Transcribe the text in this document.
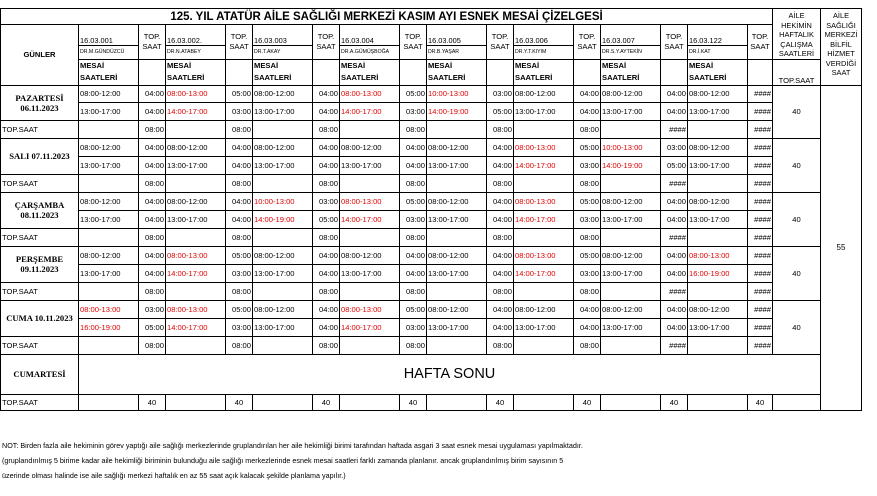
125. YIL ATATÜR AİLE SAĞLIĞI MERKEZİ KASIM AYI ESNEK MESAİ ÇİZELGESİ																	AİLE HEKİMİN HAFTALIK ÇALIŞMA SAATLERİ	AİLE SAĞLIĞI MERKEZİ BİLFİL HİZMET VERDİĞİ SAAT
GÜNLER	16.03.001	TOP. SAAT	16.03.002.	TOP. SAAT	16.03.003	TOP. SAAT	16.03.004	TOP. SAAT	16.03.005	TOP. SAAT	16.03.006	TOP. SAAT	16.03.007	TOP. SAAT	16.03.122	TOP. SAAT		
	DR.M.GÜNDÜZCÜ		DR.N.ATABEY		DR.T.AKAY		DR.A.GÜMÜŞBOĞA		DR.B.YAŞAR		DR.Y.T.KIYIM		DR.S.Y.AYTEKİN		DR.İ.KAT			
	MESAİ SAATLERİ		MESAİ SAATLERİ		MESAİ SAATLERİ		MESAİ SAATLERİ		MESAİ SAATLERİ		MESAİ SAATLERİ		MESAİ SAATLERİ		MESAİ SAATLERİ		TOP.SAAT	
PAZARTESİ 06.11.2023	08:00-12:00	04:00	08:00-13:00	05:00	08:00-12:00	04:00	08:00-13:00	05:00	10:00-13:00	03:00	08:00-12:00	04:00	08:00-12:00	04:00	08:00-12:00	####	40	55
	13:00-17:00	04:00	14:00-17:00	03:00	13:00-17:00	04:00	14:00-17:00	03:00	14:00-19:00	05:00	13:00-17:00	04:00	13:00-17:00	04:00	13:00-17:00	####		
TOP.SAAT		08:00		08:00		08:00		08:00		08:00		08:00		####		####		
SALI 07.11.2023	08:00-12:00	04:00	08:00-12:00	04:00	08:00-12:00	04:00	08:00-12:00	04:00	08:00-12:00	04:00	08:00-13:00	05:00	10:00-13:00	03:00	08:00-12:00	####	40	
	13:00-17:00	04:00	13:00-17:00	04:00	13:00-17:00	04:00	13:00-17:00	04:00	13:00-17:00	04:00	14:00-17:00	03:00	14:00-19:00	05:00	13:00-17:00	####		
TOP.SAAT		08:00		08:00		08:00		08:00		08:00		08:00		####		####		
ÇARŞAMBA 08.11.2023	08:00-12:00	04:00	08:00-12:00	04:00	10:00-13:00	03:00	08:00-13:00	05:00	08:00-12:00	04:00	08:00-13:00	05:00	08:00-12:00	04:00	08:00-12:00	####	40	
	13:00-17:00	04:00	13:00-17:00	04:00	14:00-19:00	05:00	14:00-17:00	03:00	13:00-17:00	04:00	14:00-17:00	03:00	13:00-17:00	04:00	13:00-17:00	####		
TOP.SAAT		08:00		08:00		08:00		08:00		08:00		08:00		####		####		
PERŞEMBE 09.11.2023	08:00-12:00	04:00	08:00-13:00	05:00	08:00-12:00	04:00	08:00-12:00	04:00	08:00-12:00	04:00	08:00-13:00	05:00	08:00-12:00	04:00	08:00-13:00	####	40	
	13:00-17:00	04:00	14:00-17:00	03:00	13:00-17:00	04:00	13:00-17:00	04:00	13:00-17:00	04:00	14:00-17:00	03:00	13:00-17:00	04:00	16:00-19:00	####		
TOP.SAAT		08:00		08:00		08:00		08:00		08:00		08:00		####		####		
CUMA 10.11.2023	08:00-13:00	03:00	08:00-13:00	05:00	08:00-12:00	04:00	08:00-13:00	05:00	08:00-12:00	04:00	08:00-12:00	04:00	08:00-12:00	04:00	08:00-12:00	####	40	
	16:00-19:00	05:00	14:00-17:00	03:00	13:00-17:00	04:00	14:00-17:00	03:00	13:00-17:00	04:00	13:00-17:00	04:00	13:00-17:00	04:00	13:00-17:00	####		
TOP.SAAT		08:00		08:00		08:00		08:00		08:00		08:00		####		####		
CUMARTESİ	HAFTA SONU																	
TOP.SAAT		40		40		40		40		40		40		40		40		
NOT: Birden fazla aile hekiminin görev yaptığı aile sağlığı merkezlerinde gruplandırılan her aile hekimliği birimi tarafından haftada asgari 3 saat esnek mesai uygulaması yapılmaktadır.
(gruplandırılmış 5 birime kadar aile hekimliği biriminin bulunduğu aile sağlığı merkezlerinde esnek mesai saatleri farklı zamanda planlanır. ancak gruplandırılmış birim sayısının 5
üzerinde olması halinde ise aile sağlığı merkezi haftalık en az 55 saat açık kalacak şekilde planlama yapılır.)
